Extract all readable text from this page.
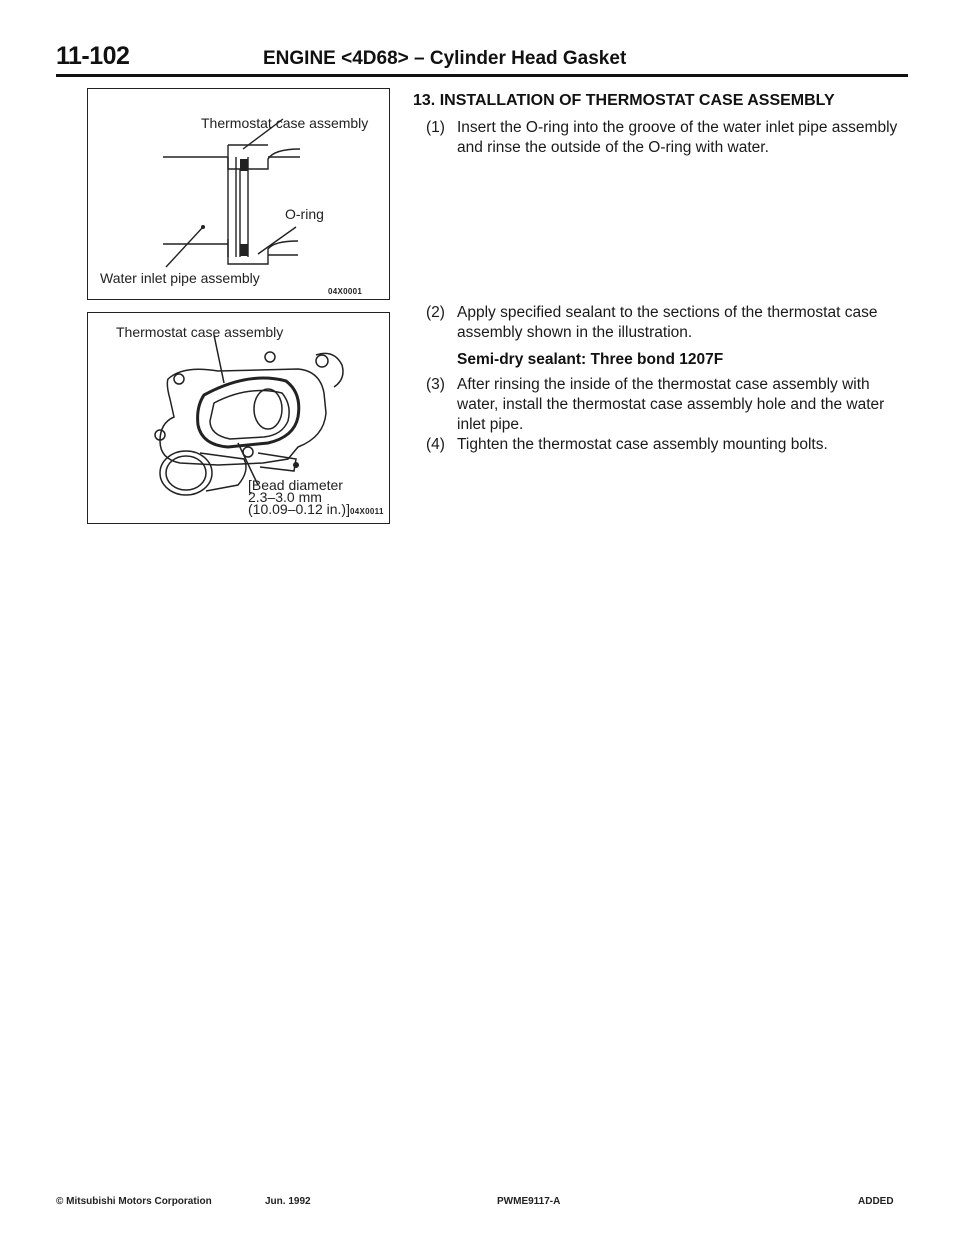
11-102	ENGINE <4D68> – Cylinder Head Gasket
Thermostat case assembly
O-ring
Water inlet pipe assembly
04X0001
Thermostat case assembly
[Bead diameter
2.3–3.0 mm
(10.09–0.12 in.)] 04X0011
13. INSTALLATION OF THERMOSTAT CASE ASSEMBLY
(1) Insert the O-ring into the groove of the water inlet pipe assembly and rinse the outside of the O-ring with water.
(2) Apply specified sealant to the sections of the thermostat case assembly shown in the illustration.
Semi-dry sealant: Three bond 1207F
(3) After rinsing the inside of the thermostat case assembly with water, install the thermostat case assembly hole and the water inlet pipe.
(4) Tighten the thermostat case assembly mounting bolts.
© Mitsubishi Motors Corporation	Jun. 1992	PWME9117-A	ADDED
